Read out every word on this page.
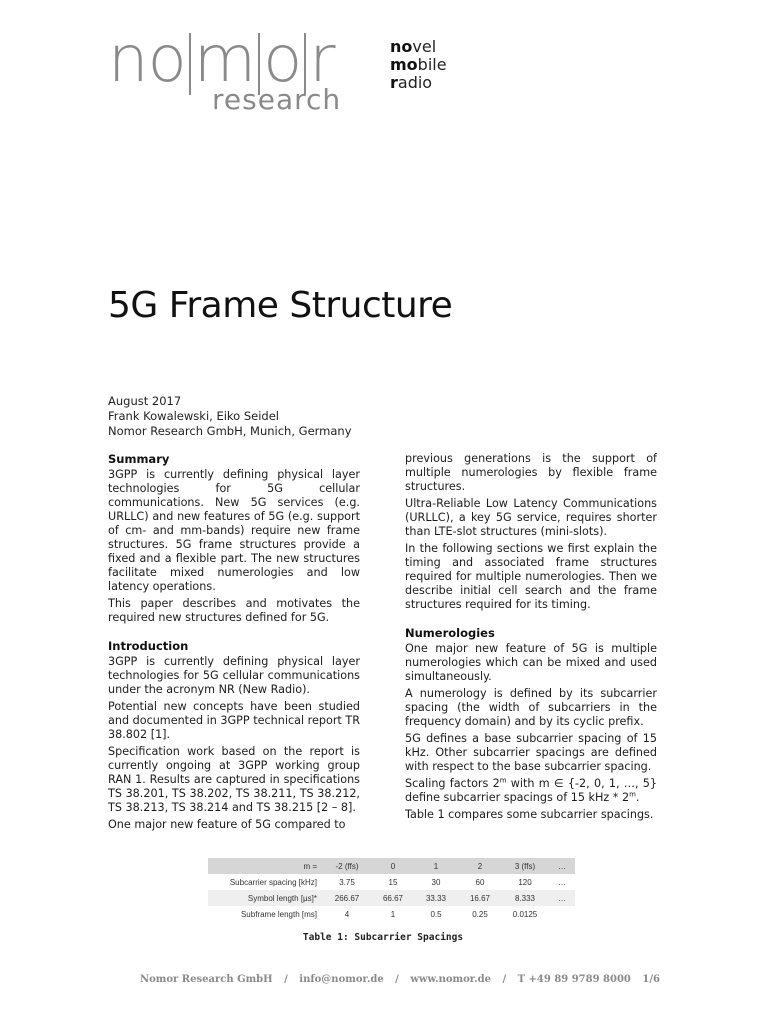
no m o r
research
novel
mobile
radio
5G Frame Structure
August 2017
Frank Kowalewski, Eiko Seidel
Nomor Research GmbH, Munich, Germany
Summary

3GPP is currently defining physical layer technologies for 5G cellular communications. New 5G services (e.g. URLLC) and new features of 5G (e.g. support of cm- and mm-bands) require new frame structures. 5G frame structures provide a fixed and a flexible part. The new structures facilitate mixed numerologies and low latency operations.

This paper describes and motivates the required new structures defined for 5G.

Introduction

3GPP is currently defining physical layer technologies for 5G cellular communications under the acronym NR (New Radio).

Potential new concepts have been studied and documented in 3GPP technical report TR 38.802 [1].

Specification work based on the report is currently ongoing at 3GPP working group RAN 1. Results are captured in specifications TS 38.201, TS 38.202, TS 38.211, TS 38.212, TS 38.213, TS 38.214 and TS 38.215 [2 – 8].

One major new feature of 5G compared to

previous generations is the support of multiple numerologies by flexible frame structures.

Ultra-Reliable Low Latency Communications (URLLC), a key 5G service, requires shorter than LTE-slot structures (mini-slots).

In the following sections we first explain the timing and associated frame structures required for multiple numerologies. Then we describe initial cell search and the frame structures required for its timing.

Numerologies

One major new feature of 5G is multiple numerologies which can be mixed and used simultaneously.

A numerology is defined by its subcarrier spacing (the width of subcarriers in the frequency domain) and by its cyclic prefix.

5G defines a base subcarrier spacing of 15 kHz. Other subcarrier spacings are defined with respect to the base subcarrier spacing.

Scaling factors 2$^m$ with m ∈ {-2, 0, 1, …, 5} define subcarrier spacings of 15 kHz * 2$^m$.

Table 1 compares some subcarrier spacings.

m =	-2 (ffs)	0	1	2	3 (ffs)	…
Subcarrier spacing [kHz]	3.75	15	30	60	120	…
Symbol length [µs]*	266.67	66.67	33.33	16.67	8.333	…
Subframe length [ms]	4	1	0.5	0.25	0.0125	
Table 1: Subcarrier Spacings
Nomor Research GmbH / info@nomor.de / www.nomor.de / T +49 89 9789 8000 1/6
